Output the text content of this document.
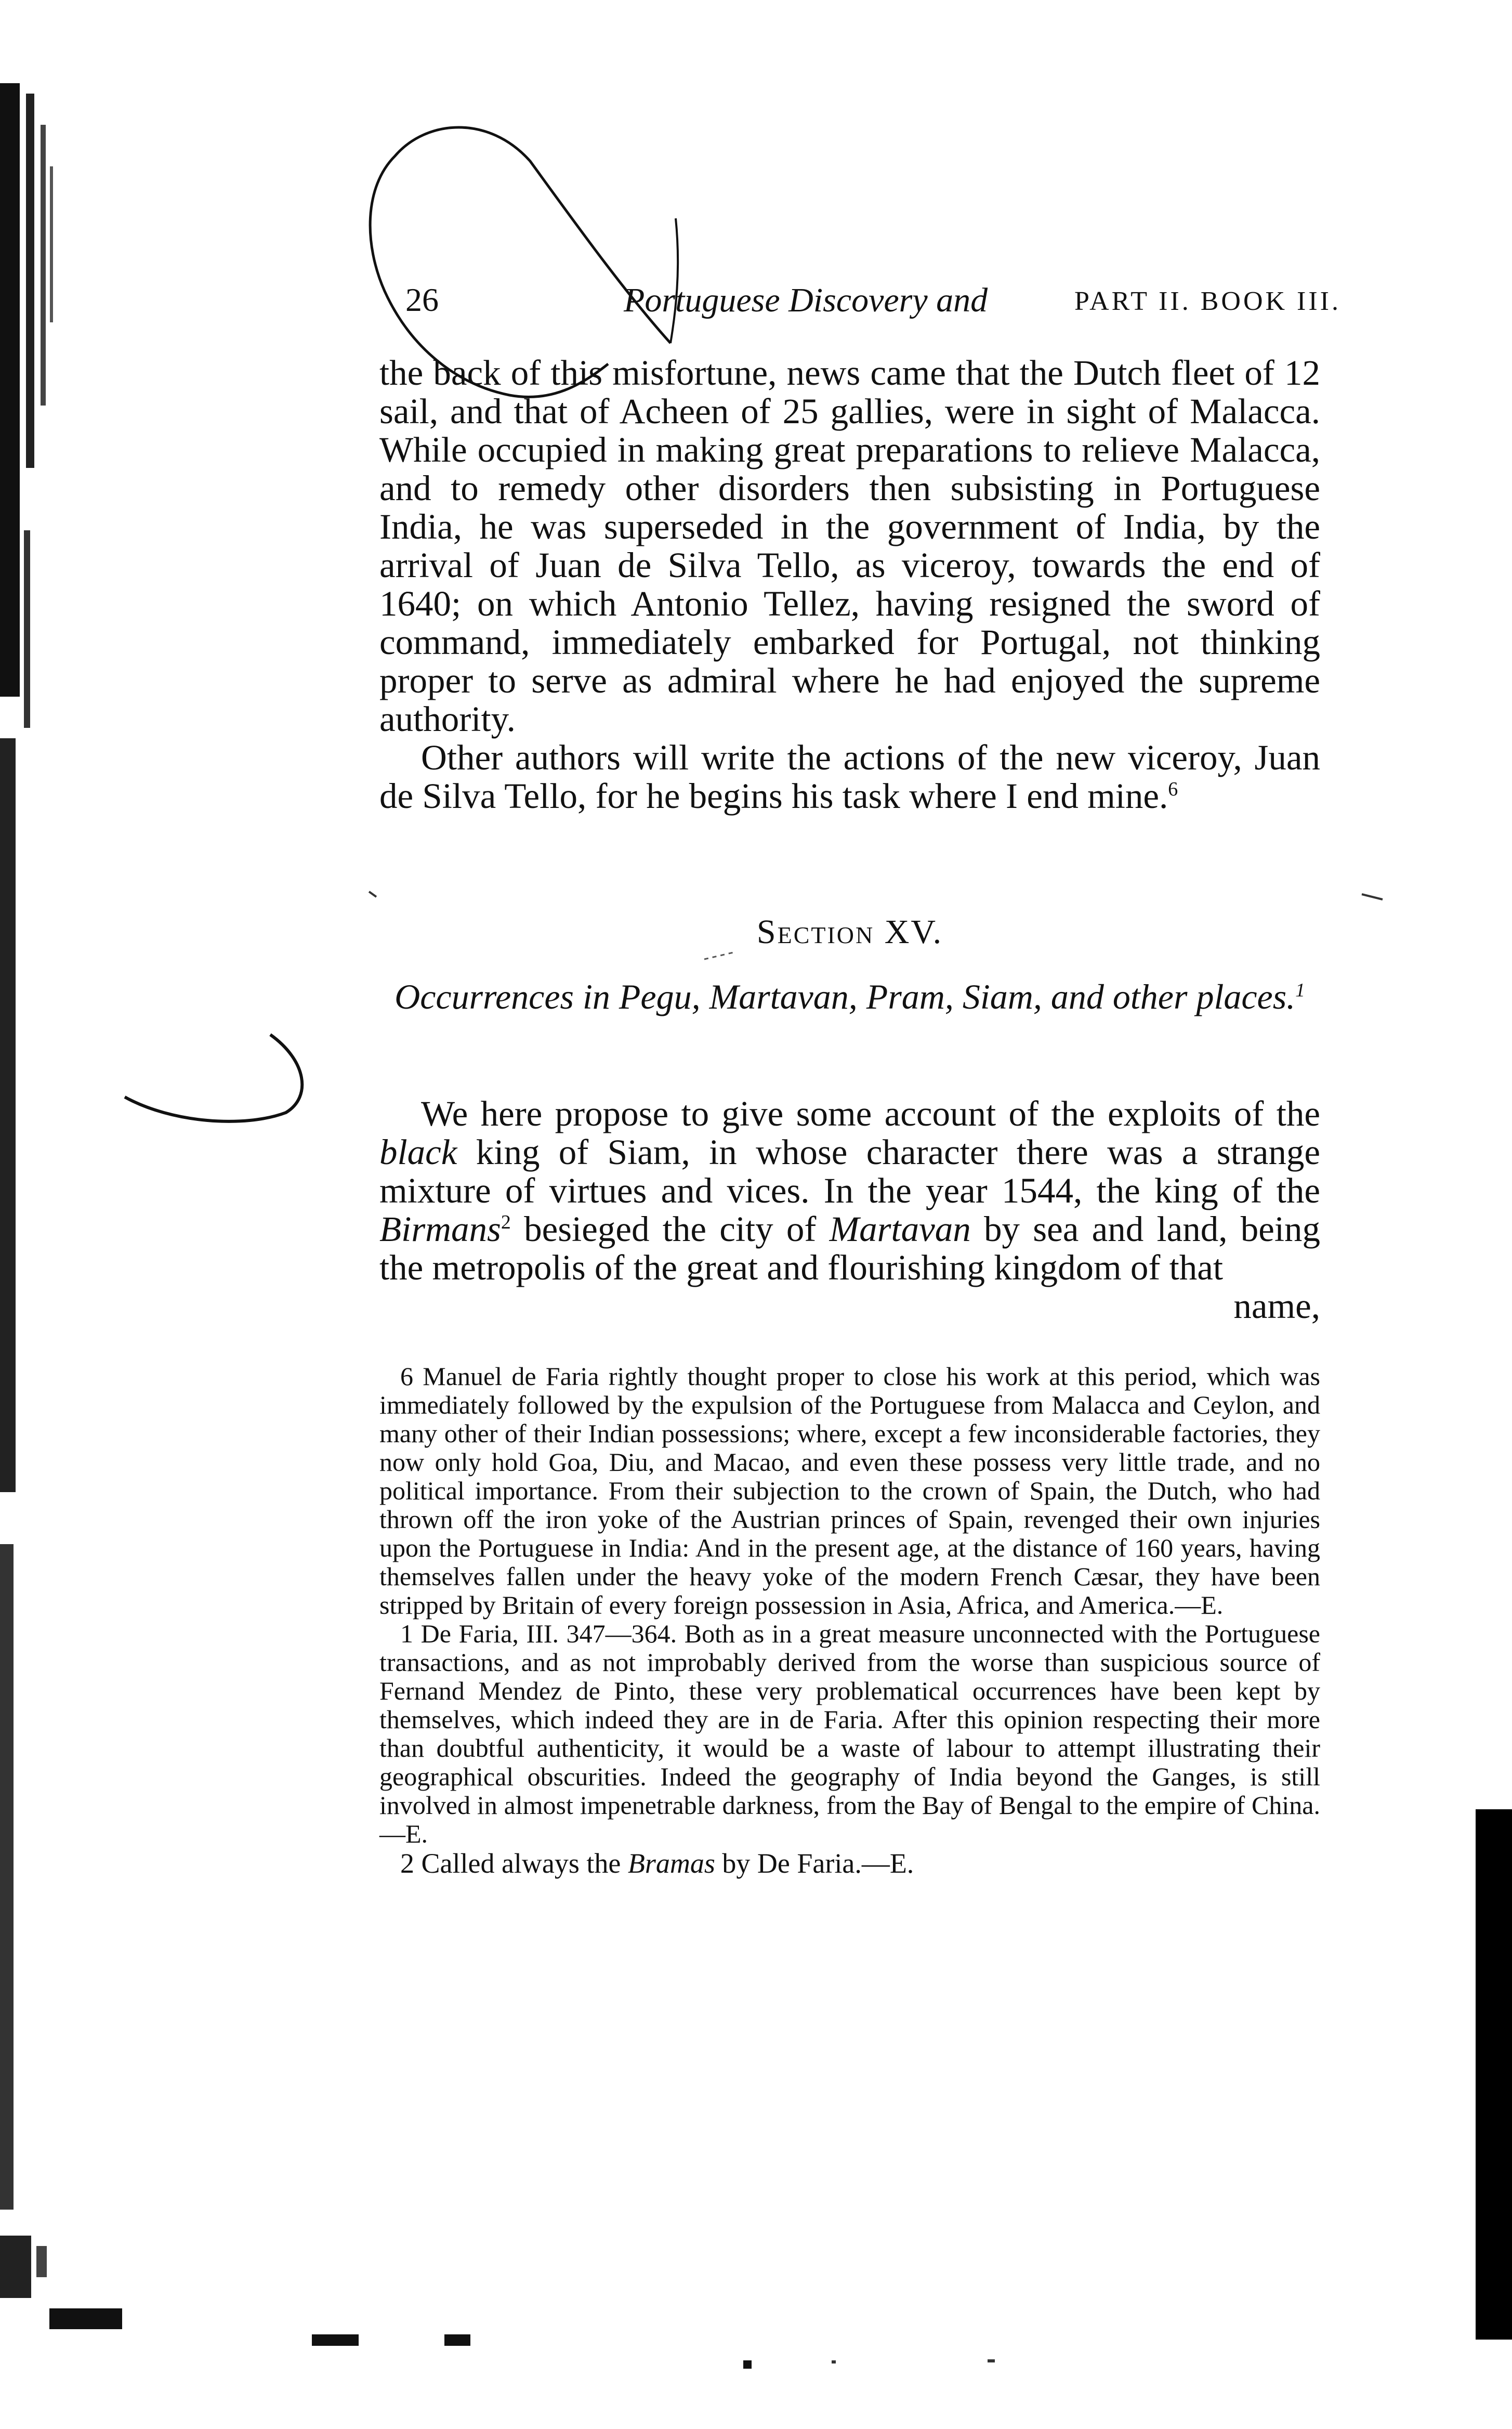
26	Portuguese Discovery and	PART II. BOOK III.

the back of this misfortune, news came that the Dutch fleet of 12 sail, and that of Acheen of 25 gallies, were in sight of Malacca. While occupied in making great preparations to relieve Malacca, and to remedy other disorders then subsisting in Portuguese India, he was superseded in the government of India, by the arrival of Juan de Silva Tello, as viceroy, towards the end of 1640; on which Antonio Tellez, having resigned the sword of command, immediately embarked for Portugal, not thinking proper to serve as admiral where he had enjoyed the supreme authority.

Other authors will write the actions of the new viceroy, Juan de Silva Tello, for he begins his task where I end mine.$^6$

Section XV.
Occurrences in Pegu, Martavan, Pram, Siam, and other places.$^1$

We here propose to give some account of the exploits of the black king of Siam, in whose character there was a strange mixture of virtues and vices. In the year 1544, the king of the Birmans$^2$ besieged the city of Martavan by sea and land, being the metropolis of the great and flourishing kingdom of that

name,

6 Manuel de Faria rightly thought proper to close his work at this period, which was immediately followed by the expulsion of the Portuguese from Malacca and Ceylon, and many other of their Indian possessions; where, except a few inconsiderable factories, they now only hold Goa, Diu, and Macao, and even these possess very little trade, and no political importance. From their subjection to the crown of Spain, the Dutch, who had thrown off the iron yoke of the Austrian princes of Spain, revenged their own injuries upon the Portuguese in India: And in the present age, at the distance of 160 years, having themselves fallen under the heavy yoke of the modern French Cæsar, they have been stripped by Britain of every foreign possession in Asia, Africa, and America.—E.

1 De Faria, III. 347—364. Both as in a great measure unconnected with the Portuguese transactions, and as not improbably derived from the worse than suspicious source of Fernand Mendez de Pinto, these very problematical occurrences have been kept by themselves, which indeed they are in de Faria. After this opinion respecting their more than doubtful authenticity, it would be a waste of labour to attempt illustrating their geographical obscurities. Indeed the geography of India beyond the Ganges, is still involved in almost impenetrable darkness, from the Bay of Bengal to the empire of China.—E.

2 Called always the Bramas by De Faria.—E.
